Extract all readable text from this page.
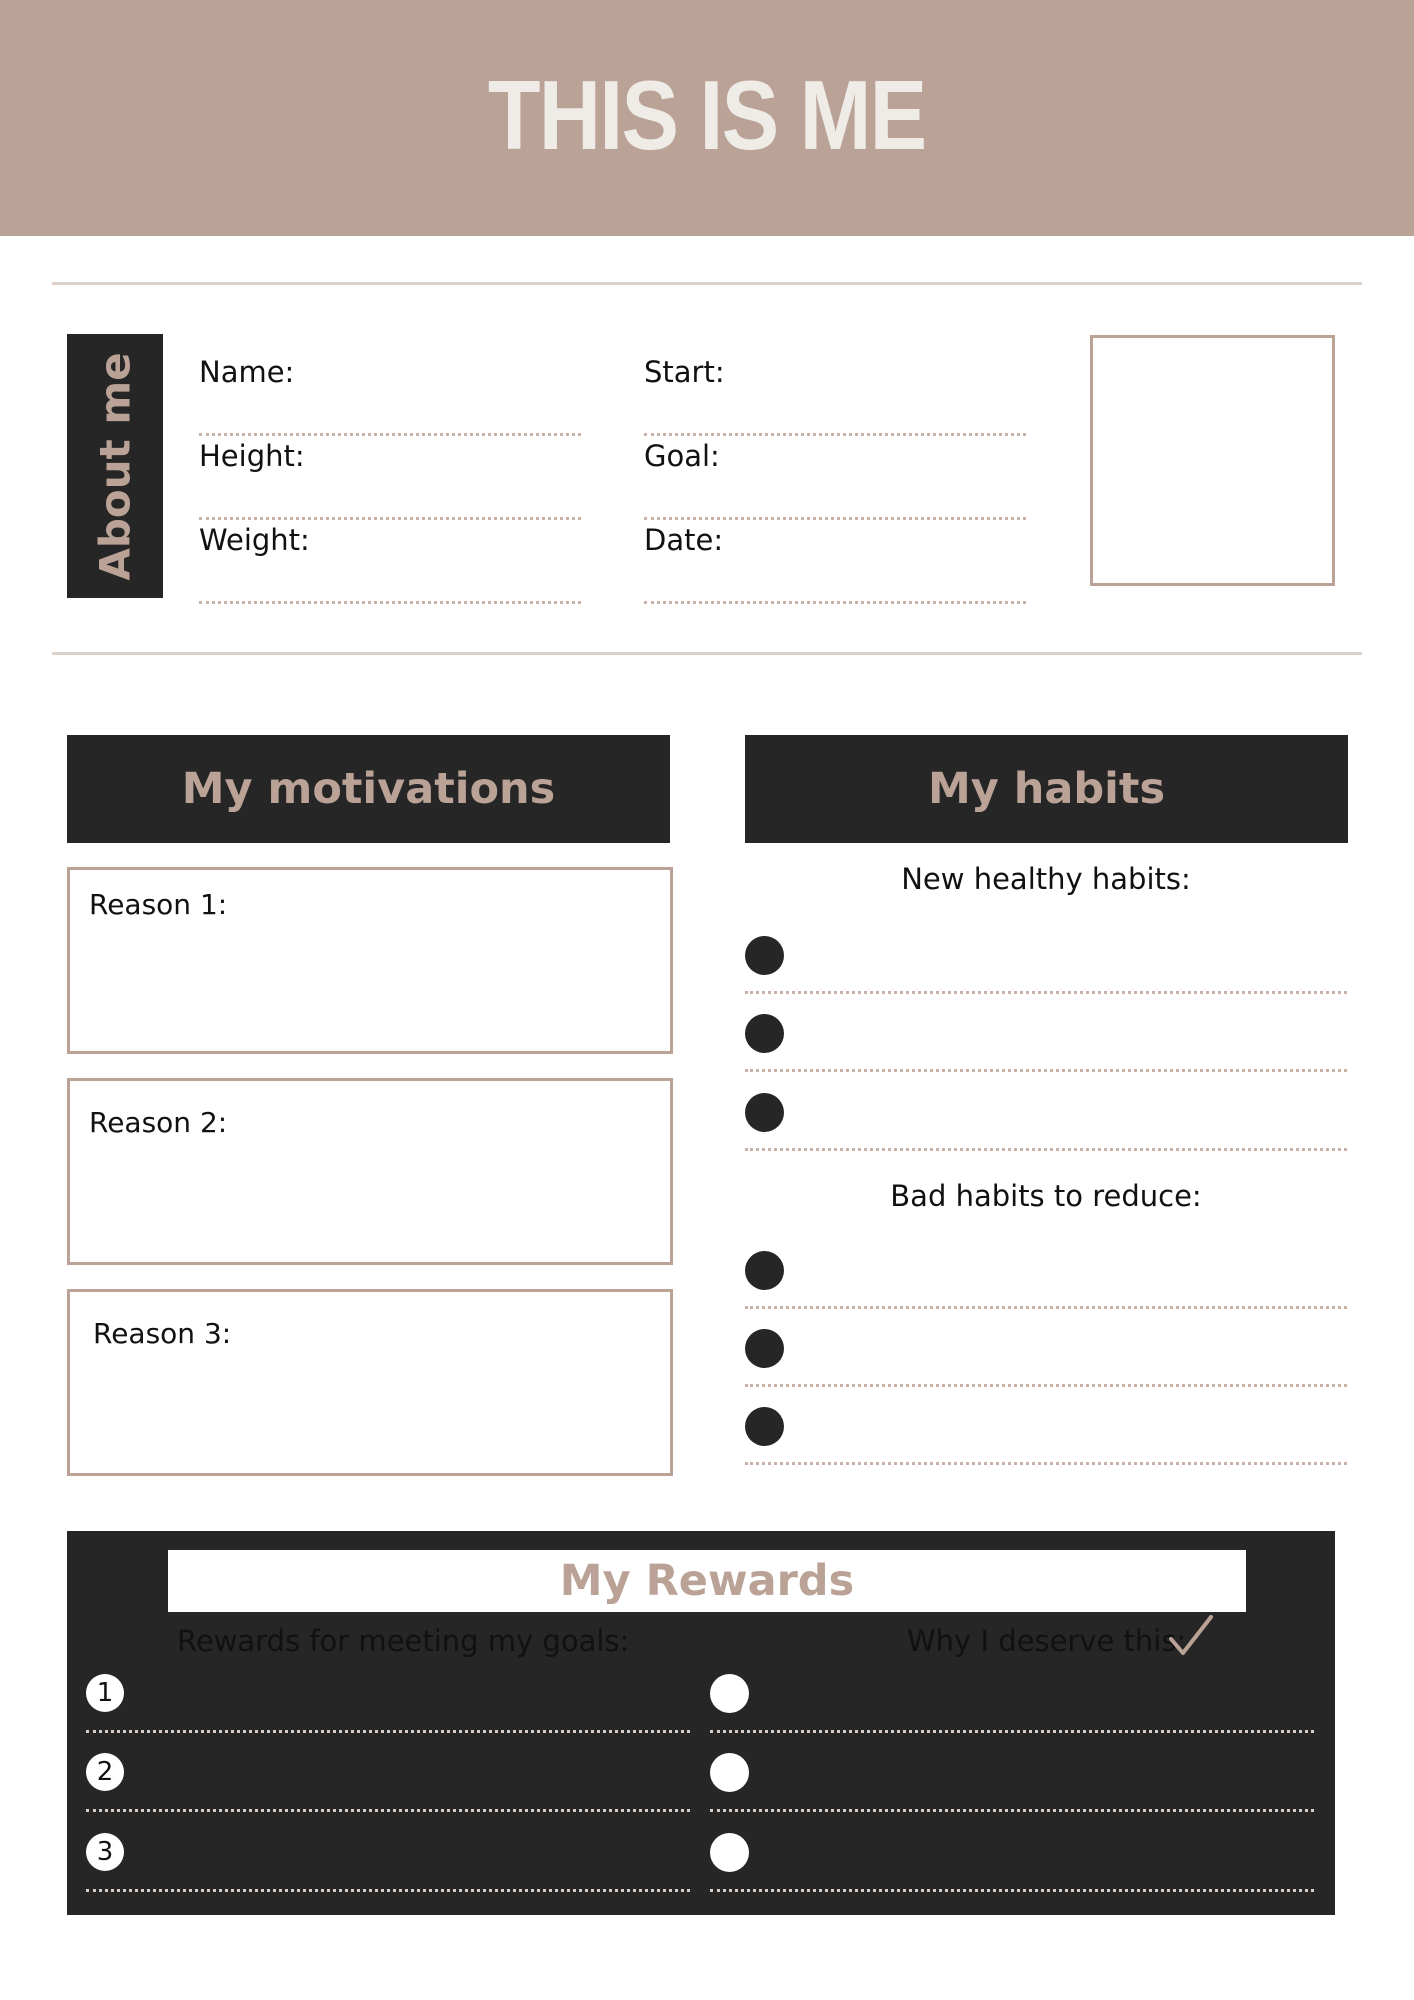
THIS IS ME
About me Name:
Height:
Weight:
Start:
Goal:
Date:
My motivations
Reason 1:
Reason 2:
Reason 3:
My habits
New healthy habits:
Bad habits to reduce:
My Rewards
Rewards for meeting my goals:	Why I deserve this:
1
2
3
